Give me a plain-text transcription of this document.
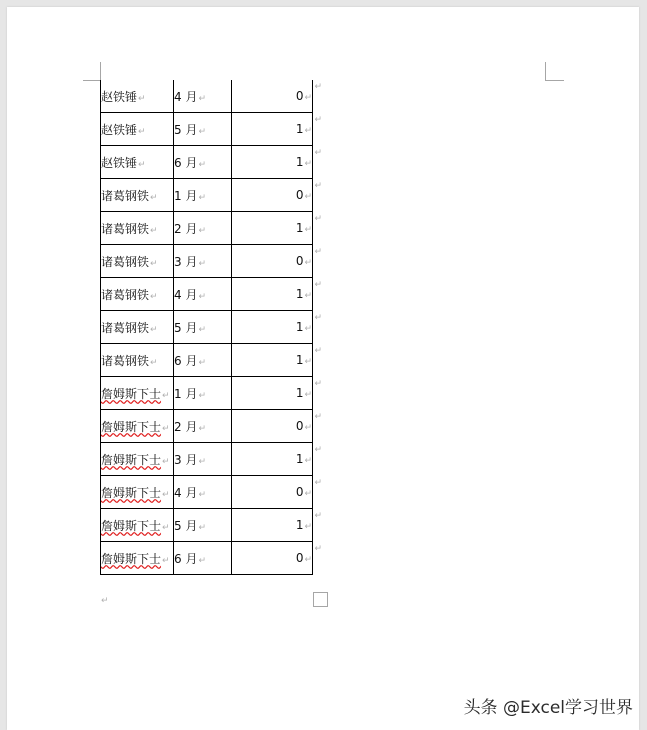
赵铁锤↵	4 月↵	0↵
↵

赵铁锤↵	5 月↵	1↵
↵

赵铁锤↵	6 月↵	1↵
↵

诸葛钢铁↵	1 月↵	0↵
↵

诸葛钢铁↵	2 月↵	1↵
↵

诸葛钢铁↵	3 月↵	0↵
↵

诸葛钢铁↵	4 月↵	1↵
↵

诸葛钢铁↵	5 月↵	1↵
↵

诸葛钢铁↵	6 月↵	1↵
↵

詹姆斯下士↵	1 月↵	1↵
↵

詹姆斯下士↵	2 月↵	0↵
↵

詹姆斯下士↵	3 月↵	1↵
↵

詹姆斯下士↵	4 月↵	0↵
↵

詹姆斯下士↵	5 月↵	1↵
↵

詹姆斯下士↵	6 月↵	0↵
↵
↵
头条 @Excel学习世界
